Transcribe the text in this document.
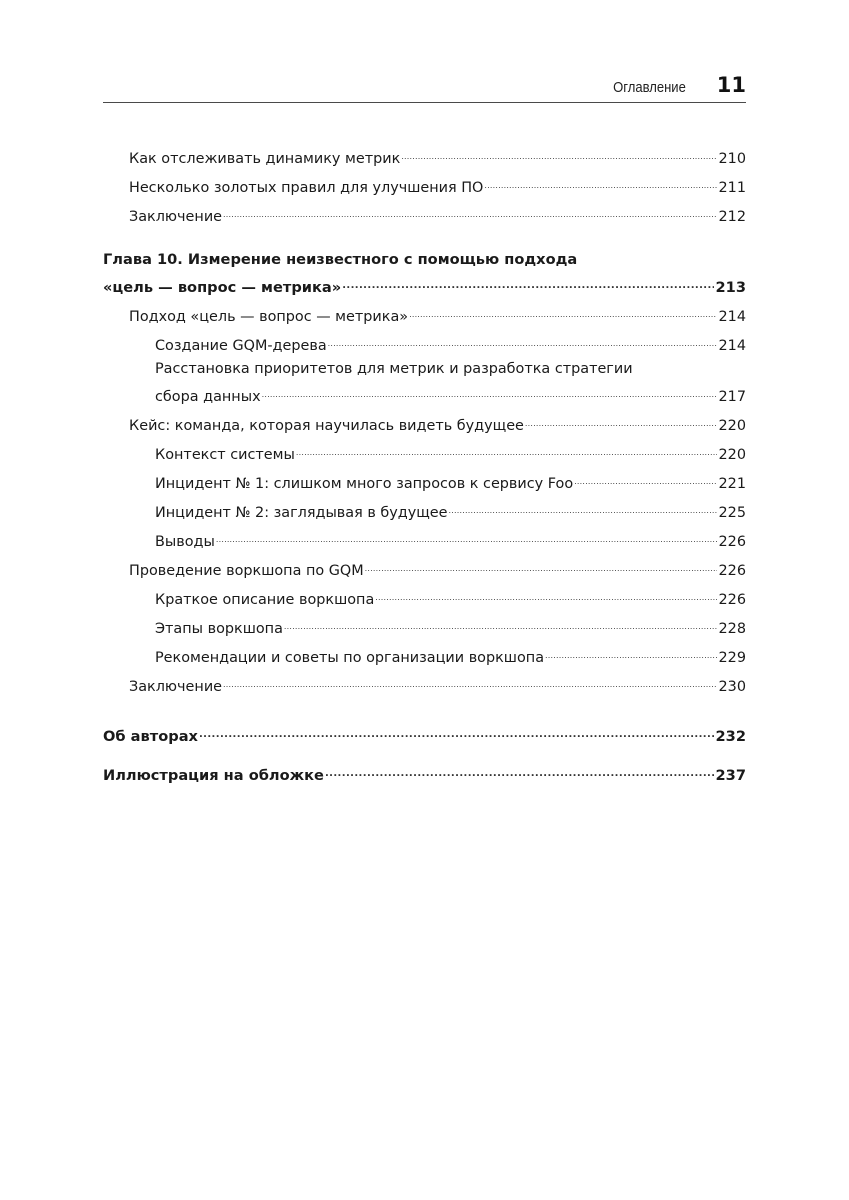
Оглавление 11
Как отслеживать динамику метрик .....	210
Несколько золотых правил для улучшения ПО .....	211
Заключение .....	212
Глава 10. Измерение неизвестного с помощью подхода
«цель — вопрос — метрика» .....	213
Подход «цель — вопрос — метрика» .....	214
Создание GQM-дерева .....	214
Расстановка приоритетов для метрик и разработка стратегии
сбора данных .....	217
Кейс: команда, которая научилась видеть будущее .....	220
Контекст системы .....	220
Инцидент № 1: слишком много запросов к сервису Foo .....	221
Инцидент № 2: заглядывая в будущее .....	225
Выводы .....	226
Проведение воркшопа по GQM .....	226
Краткое описание воркшопа .....	226
Этапы воркшопа .....	228
Рекомендации и советы по организации воркшопа .....	229
Заключение .....	230
Об авторах .....	232
Иллюстрация на обложке .....	237
